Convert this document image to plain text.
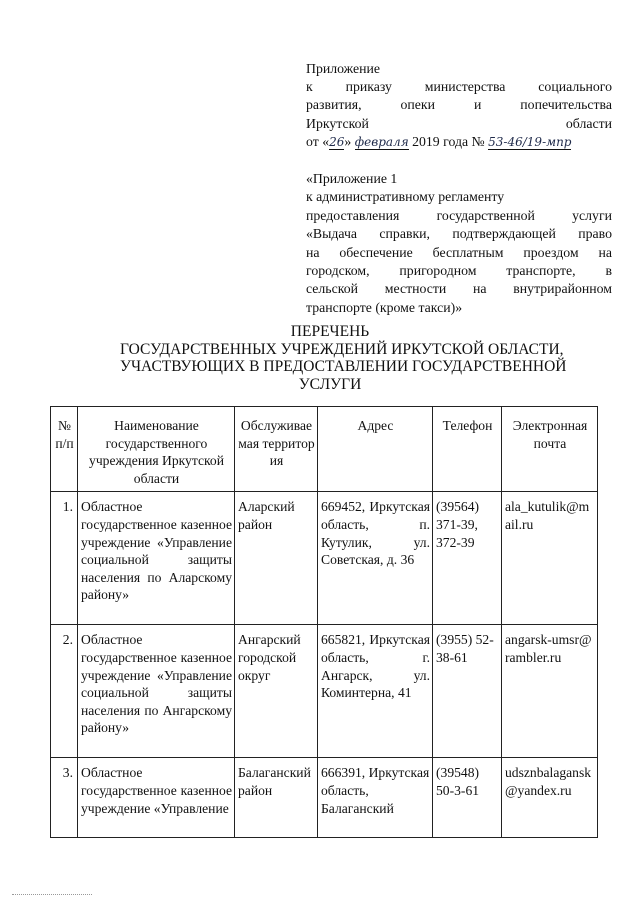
Приложение
к приказу министерства социального
развития, опеки и попечительства
Иркутской	области
от «26» февраля 2019 года № 53-46/19-мпр
«Приложение 1
к административному регламенту
предоставления государственной услуги
«Выдача справки, подтверждающей право
на обеспечение бесплатным проездом на
городском, пригородном транспорте, в
сельской местности на внутрирайонном
транспорте (кроме такси)»
ПЕРЕЧЕНЬ
ГОСУДАРСТВЕННЫХ УЧРЕЖДЕНИЙ ИРКУТСКОЙ ОБЛАСТИ,
УЧАСТВУЮЩИХ В ПРЕДОСТАВЛЕНИИ ГОСУДАРСТВЕННОЙ
УСЛУГИ
№ п/п	Наименование государственного учреждения Иркутской области	Обслуживаемая территория	Адрес	Телефон	Электронная почта
1.	Областное государственное казенное учреждение «Управление социальной защиты населения по Аларскому району»	Аларский район	669452, Иркутская область, п. Кутулик, ул. Советская, д. 36	(39564) 371-39, 372-39	ala_kutulik@mail.ru
2.	Областное государственное казенное учреждение «Управление социальной защиты населения по Ангарскому району»	Ангарский городской округ	665821, Иркутская область, г. Ангарск, ул. Коминтерна, 41	(3955) 52-38-61	angarsk-umsr@rambler.ru
3.	Областное государственное казенное учреждение «Управление	Балаганский район	666391, Иркутская область, Балаганский	(39548) 50-3-61	udsznbalagansk@yandex.ru
